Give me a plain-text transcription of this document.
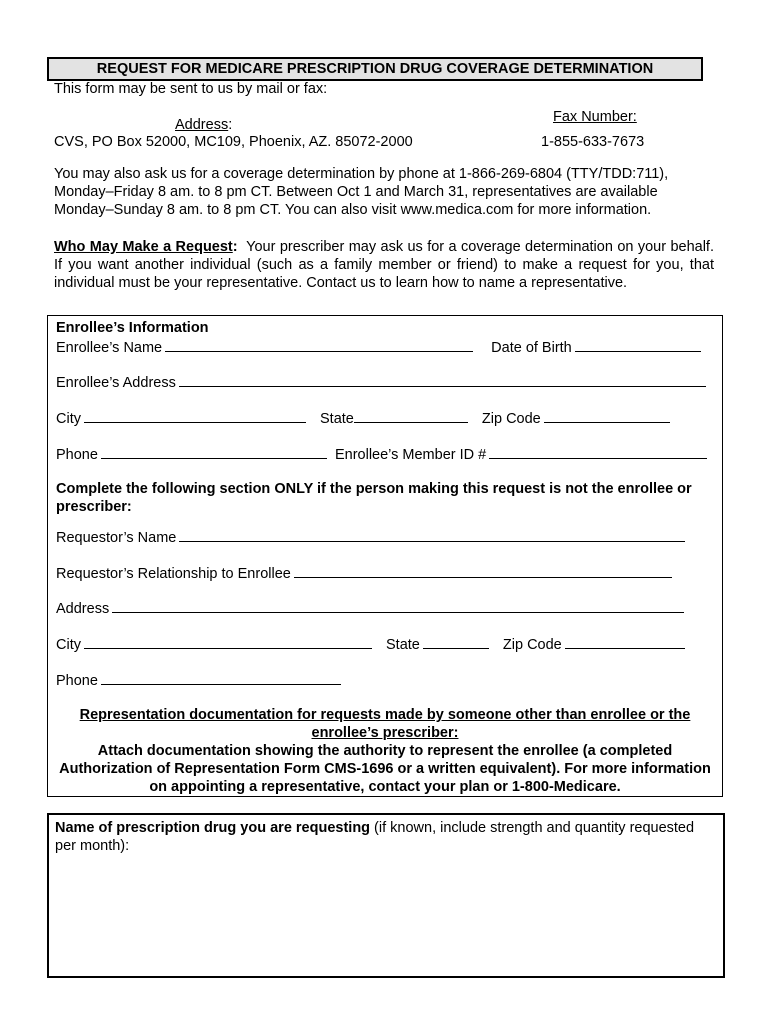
REQUEST FOR MEDICARE PRESCRIPTION DRUG COVERAGE DETERMINATION
This form may be sent to us by mail or fax:
Address:
CVS, PO Box 52000, MC109, Phoenix, AZ. 85072-2000
Fax Number:
1-855-633-7673
You may also ask us for a coverage determination by phone at 1-866-269-6804 (TTY/TDD:711), Monday–Friday 8 am. to 8 pm CT. Between Oct 1 and March 31, representatives are available Monday–Sunday 8 am. to 8 pm CT. You can also visit www.medica.com for more information.
Who May Make a Request: Your prescriber may ask us for a coverage determination on your behalf. If you want another individual (such as a family member or friend) to make a request for you, that individual must be your representative. Contact us to learn how to name a representative.
Enrollee’s Information
Enrollee’s Name	Date of Birth
Enrollee’s Address
City	State	Zip Code
Phone	Enrollee’s Member ID #
Complete the following section ONLY if the person making this request is not the enrollee or prescriber:
Requestor’s Name
Requestor’s Relationship to Enrollee
Address
City	State	Zip Code
Phone
Representation documentation for requests made by someone other than enrollee or the enrollee’s prescriber:
Attach documentation showing the authority to represent the enrollee (a completed Authorization of Representation Form CMS-1696 or a written equivalent). For more information on appointing a representative, contact your plan or 1-800-Medicare.
Name of prescription drug you are requesting (if known, include strength and quantity requested per month):
